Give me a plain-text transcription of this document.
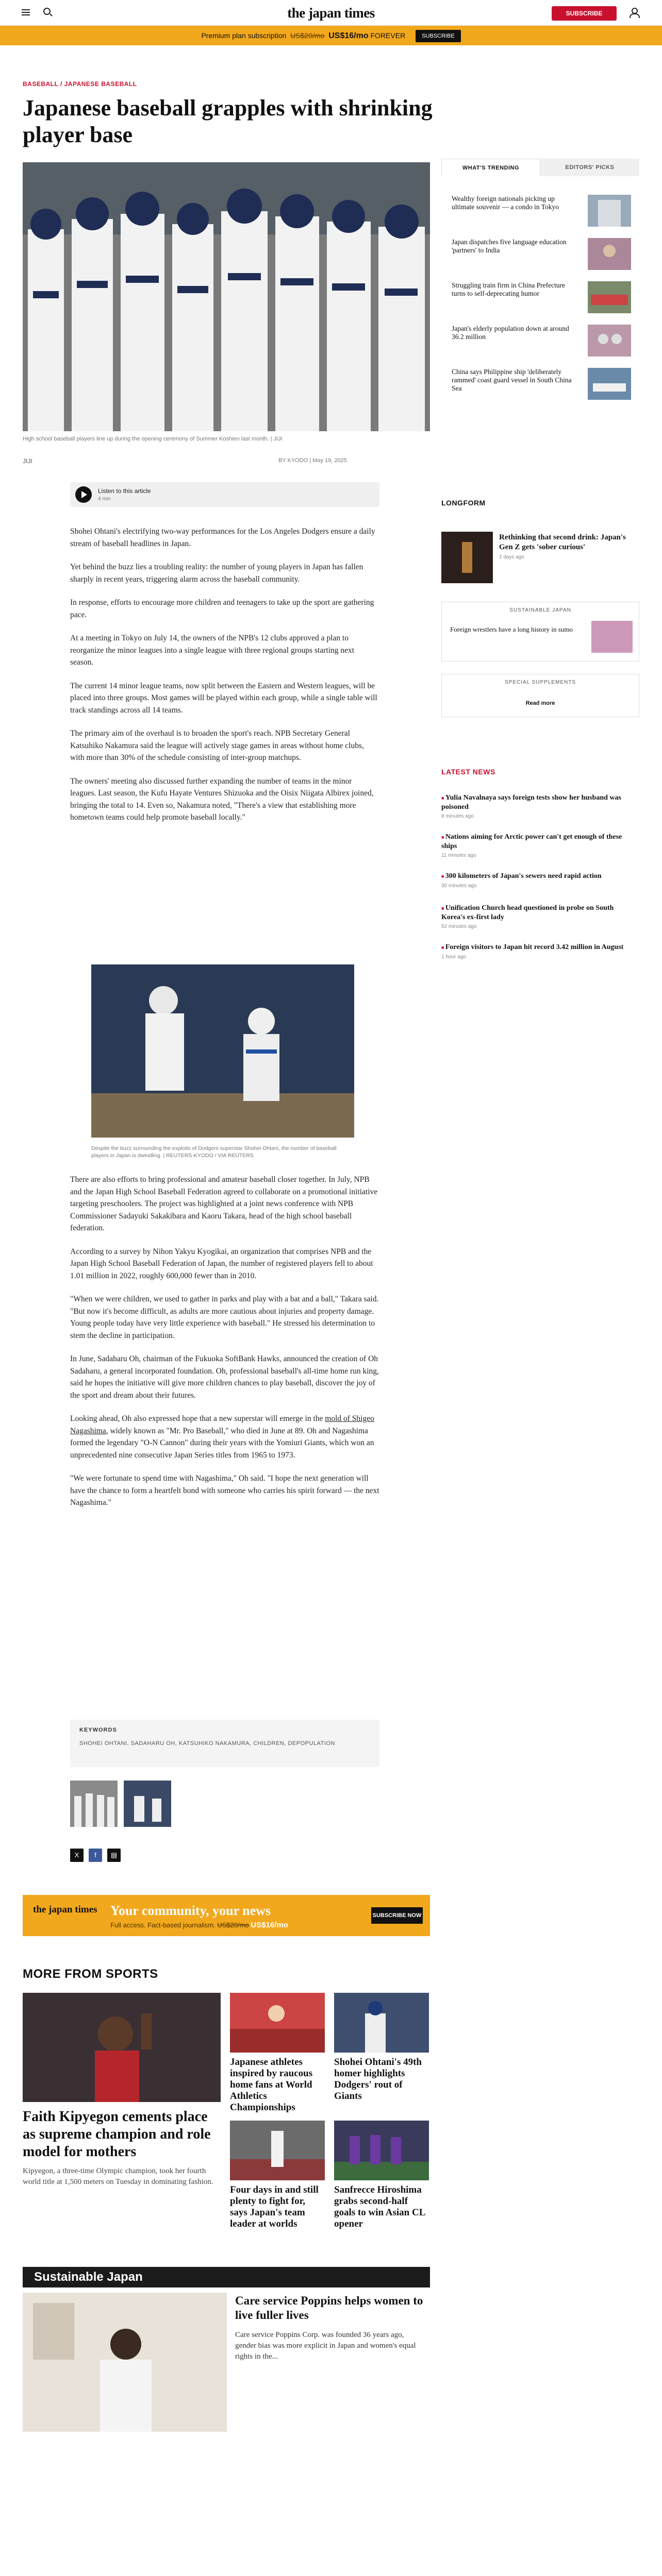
the japan times	SUBSCRIBE
Premium plan subscription US$20/mo US$16/mo FOREVER	SUBSCRIBE
BASEBALL / JAPANESE BASEBALL
Japanese baseball grapples with shrinking player base
High school baseball players line up during the opening ceremony of Summer Koshien last month. | JIJI
JIJI	BY KYODO | May 19, 2025
Listen to this article
4 min

Shohei Ohtani's electrifying two-way performances for the Los Angeles Dodgers ensure a daily stream of baseball headlines in Japan.

Yet behind the buzz lies a troubling reality: the number of young players in Japan has fallen sharply in recent years, triggering alarm across the baseball community.

In response, efforts to encourage more children and teenagers to take up the sport are gathering pace.

At a meeting in Tokyo on July 14, the owners of the NPB's 12 clubs approved a plan to reorganize the minor leagues into a single league with three regional groups starting next season.

The current 14 minor league teams, now split between the Eastern and Western leagues, will be placed into three groups. Most games will be played within each group, while a single table will track standings across all 14 teams.

The primary aim of the overhaul is to broaden the sport's reach. NPB Secretary General Katsuhiko Nakamura said the league will actively stage games in areas without home clubs, with more than 30% of the schedule consisting of inter-group matchups.

The owners' meeting also discussed further expanding the number of teams in the minor leagues. Last season, the Kufu Hayate Ventures Shizuoka and the Oisix Niigata Albirex joined, bringing the total to 14. Even so, Nakamura noted, "There's a view that establishing more hometown teams could help promote baseball locally."

Despite the buzz surrounding the exploits of Dodgers superstar Shohei Ohtani, the number of baseball players in Japan is dwindling. | REUTERS-KYODO / VIA REUTERS

There are also efforts to bring professional and amateur baseball closer together. In July, NPB and the Japan High School Baseball Federation agreed to collaborate on a promotional initiative targeting preschoolers. The project was highlighted at a joint news conference with NPB Commissioner Sadayuki Sakakibara and Kaoru Takara, head of the high school baseball federation.

According to a survey by Nihon Yakyu Kyogikai, an organization that comprises NPB and the Japan High School Baseball Federation of Japan, the number of registered players fell to about 1.01 million in 2022, roughly 600,000 fewer than in 2010.

"When we were children, we used to gather in parks and play with a bat and a ball," Takara said. "But now it's become difficult, as adults are more cautious about injuries and property damage. Young people today have very little experience with baseball." He stressed his determination to stem the decline in participation.

In June, Sadaharu Oh, chairman of the Fukuoka SoftBank Hawks, announced the creation of Oh Sadaharu, a general incorporated foundation. Oh, professional baseball's all-time home run king, said he hopes the initiative will give more children chances to play baseball, discover the joy of the sport and dream about their futures.

Looking ahead, Oh also expressed hope that a new superstar will emerge in the mold of Shigeo Nagashima, widely known as "Mr. Pro Baseball," who died in June at 89. Oh and Nagashima formed the legendary "O-N Cannon" during their years with the Yomiuri Giants, which won an unprecedented nine consecutive Japan Series titles from 1965 to 1973.

"We were fortunate to spend time with Nagashima," Oh said. "I hope the next generation will have the chance to form a heartfelt bond with someone who carries his spirit forward — the next Nagashima."

KEYWORDS
SHOHEI OHTANI, SADAHARU OH, KATSUHIKO NAKAMURA, CHILDREN, DEPOPULATION
X	f	▤
the japan times Your community, your news
Full access. Fact-based journalism. US$20/mo US$16/mo
SUBSCRIBE NOW
MORE FROM SPORTS
Faith Kipyegon cements place as supreme champion and role model for mothers
Kipyegon, a three-time Olympic champion, took her fourth world title at 1,500 meters on Tuesday in dominating fashion.
Japanese athletes inspired by raucous home fans at World Athletics Championships
Shohei Ohtani's 49th homer highlights Dodgers' rout of Giants
Four days in and still plenty to fight for, says Japan's team leader at worlds
Sanfrecce Hiroshima grabs second-half goals to win Asian CL opener
Sustainable Japan
Care service Poppins helps women to live fuller lives
Care service Poppins Corp. was founded 36 years ago, gender bias was more explicit in Japan and women's equal rights in the...
WHAT'S TRENDING	EDITORS' PICKS
Wealthy foreign nationals picking up ultimate souvenir — a condo in Tokyo
Japan dispatches five language education 'partners' to India
Struggling train firm in China Prefecture turns to self-deprecating humor
Japan's elderly population down at around 36.2 million
China says Philippine ship 'deliberately rammed' coast guard vessel in South China Sea
LONGFORM
Rethinking that second drink: Japan's Gen Z gets 'sober curious'
2 days ago
SUSTAINABLE JAPAN
Foreign wrestlers have a long history in sumo
SPECIAL SUPPLEMENTS
Read more
LATEST NEWS
■ Yulia Navalnaya says foreign tests show her husband was poisoned
8 minutes ago
■ Nations aiming for Arctic power can't get enough of these ships
11 minutes ago
■ 300 kilometers of Japan's sewers need rapid action
30 minutes ago
■ Unification Church head questioned in probe on South Korea's ex-first lady
52 minutes ago
■ Foreign visitors to Japan hit record 3.42 million in August
1 hour ago
